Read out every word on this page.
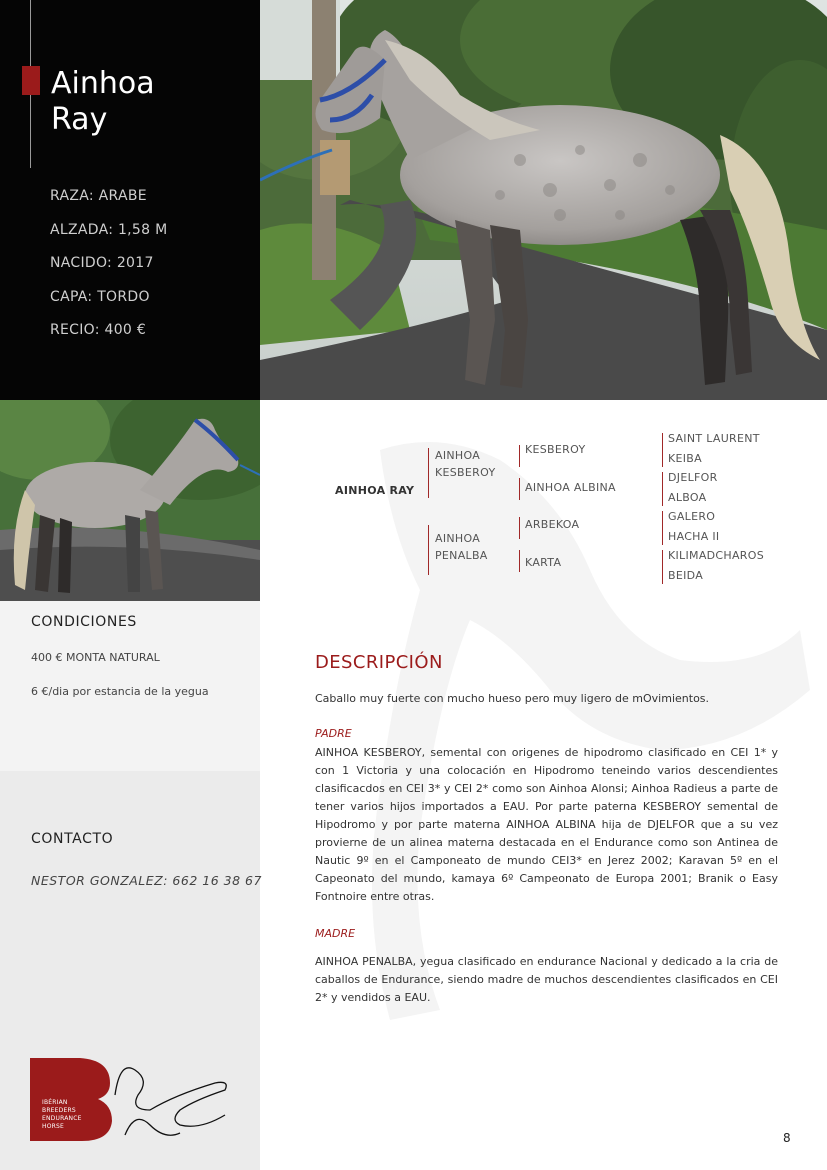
Ainhoa
Ray
RAZA: ARABE
ALZADA: 1,58 M
NACIDO: 2017
CAPA: TORDO
RECIO: 400 €
CONDICIONES

400 € MONTA NATURAL

6 €/dia por estancia de la yegua

CONTACTO

NESTOR GONZALEZ: 662 16 38 67

IBÉRIAN
BREEDERS
ENDURANCE
HORSE
AINHOA RAY
AINHOA
KESBEROY
AINHOA
PENALBA
KESBEROY
AINHOA ALBINA
ARBEKOA
KARTA
SAINT LAURENT
KEIBA
DJELFOR
ALBOA
GALERO
HACHA II
KILIMADCHAROS
BEIDA
DESCRIPCIÓN

Caballo muy fuerte con mucho hueso pero muy ligero de mOvimientos.

PADRE

AINHOA KESBEROY, semental con origenes de hipodromo clasificado en CEI 1* y con 1 Victoria y una colocación en Hipodromo teneindo varios descendientes clasificacdos en CEI 3* y CEI 2* como son Ainhoa Alonsi; Ainhoa Radieus a parte de tener varios hijos importados a EAU. Por parte paterna KESBEROY semental de Hipodromo y por parte materna AINHOA ALBINA hija de DJELFOR que a su vez provierne de un alinea materna destacada en el Endurance como son Antinea de Nautic 9º en el Camponeato de mundo CEI3* en Jerez 2002; Karavan 5º en el Capeonato del mundo, kamaya 6º Campeonato de Europa 2001; Branik o Easy Fontnoire entre otras.

MADRE

AINHOA PENALBA, yegua clasificado en endurance Nacional y dedicado a la cria de caballos de Endurance, siendo madre de muchos descendientes clasificados en CEI 2* y vendidos a EAU.

8
